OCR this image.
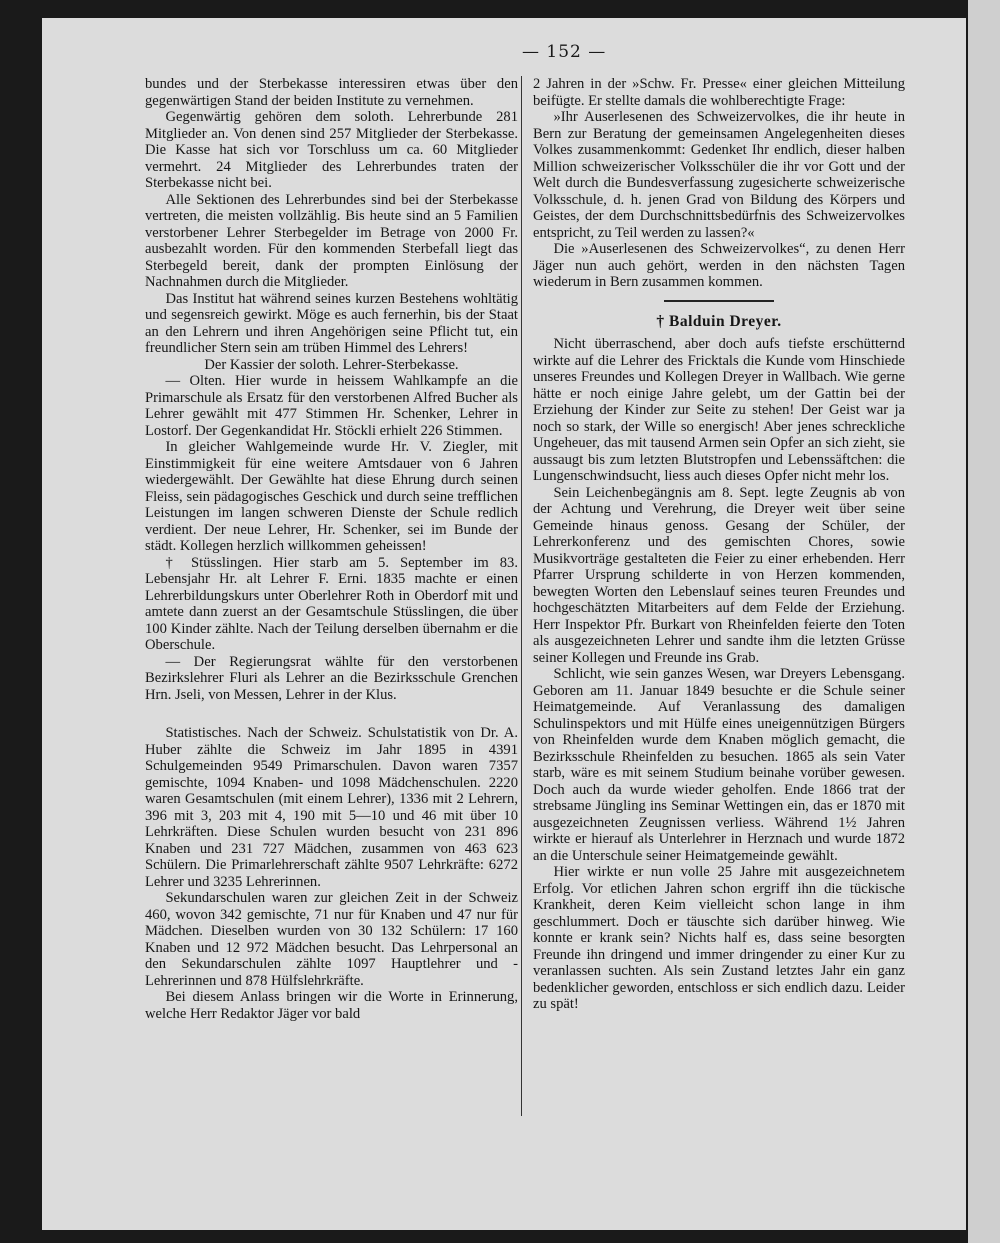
— 152 —

bundes und der Sterbekasse interessiren etwas über den gegenwärtigen Stand der beiden Institute zu vernehmen.

Gegenwärtig gehören dem soloth. Lehrerbunde 281 Mitglieder an. Von denen sind 257 Mitglieder der Sterbekasse. Die Kasse hat sich vor Torschluss um ca. 60 Mitglieder vermehrt. 24 Mitglieder des Lehrerbundes traten der Sterbekasse nicht bei.

Alle Sektionen des Lehrerbundes sind bei der Sterbekasse vertreten, die meisten vollzählig. Bis heute sind an 5 Familien verstorbener Lehrer Sterbegelder im Betrage von 2000 Fr. ausbezahlt worden. Für den kommenden Sterbefall liegt das Sterbegeld bereit, dank der prompten Einlösung der Nachnahmen durch die Mitglieder.

Das Institut hat während seines kurzen Bestehens wohltätig und segensreich gewirkt. Möge es auch fernerhin, bis der Staat an den Lehrern und ihren Angehörigen seine Pflicht tut, ein freundlicher Stern sein am trüben Himmel des Lehrers!

Der Kassier der soloth. Lehrer-Sterbekasse.

— Olten. Hier wurde in heissem Wahlkampfe an die Primarschule als Ersatz für den verstorbenen Alfred Bucher als Lehrer gewählt mit 477 Stimmen Hr. Schenker, Lehrer in Lostorf. Der Gegenkandidat Hr. Stöckli erhielt 226 Stimmen.

In gleicher Wahlgemeinde wurde Hr. V. Ziegler, mit Einstimmigkeit für eine weitere Amtsdauer von 6 Jahren wiedergewählt. Der Gewählte hat diese Ehrung durch seinen Fleiss, sein pädagogisches Geschick und durch seine trefflichen Leistungen im langen schweren Dienste der Schule redlich verdient. Der neue Lehrer, Hr. Schenker, sei im Bunde der städt. Kollegen herzlich willkommen geheissen!

† Stüsslingen. Hier starb am 5. September im 83. Lebensjahr Hr. alt Lehrer F. Erni. 1835 machte er einen Lehrerbildungskurs unter Oberlehrer Roth in Oberdorf mit und amtete dann zuerst an der Gesamtschule Stüsslingen, die über 100 Kinder zählte. Nach der Teilung derselben übernahm er die Oberschule.

— Der Regierungsrat wählte für den verstorbenen Bezirkslehrer Fluri als Lehrer an die Bezirksschule Grenchen Hrn. Jseli, von Messen, Lehrer in der Klus.

Statistisches. Nach der Schweiz. Schulstatistik von Dr. A. Huber zählte die Schweiz im Jahr 1895 in 4391 Schulgemeinden 9549 Primarschulen. Davon waren 7357 gemischte, 1094 Knaben- und 1098 Mädchenschulen. 2220 waren Gesamtschulen (mit einem Lehrer), 1336 mit 2 Lehrern, 396 mit 3, 203 mit 4, 190 mit 5—10 und 46 mit über 10 Lehrkräften. Diese Schulen wurden besucht von 231 896 Knaben und 231 727 Mädchen, zusammen von 463 623 Schülern. Die Primarlehrerschaft zählte 9507 Lehrkräfte: 6272 Lehrer und 3235 Lehrerinnen.

Sekundarschulen waren zur gleichen Zeit in der Schweiz 460, wovon 342 gemischte, 71 nur für Knaben und 47 nur für Mädchen. Dieselben wurden von 30 132 Schülern: 17 160 Knaben und 12 972 Mädchen besucht. Das Lehrpersonal an den Sekundarschulen zählte 1097 Hauptlehrer und -Lehrerinnen und 878 Hülfslehrkräfte.

Bei diesem Anlass bringen wir die Worte in Erinnerung, welche Herr Redaktor Jäger vor bald

2 Jahren in der »Schw. Fr. Presse« einer gleichen Mitteilung beifügte. Er stellte damals die wohlberechtigte Frage:

»Ihr Auserlesenen des Schweizervolkes, die ihr heute in Bern zur Beratung der gemeinsamen Angelegenheiten dieses Volkes zusammenkommt: Gedenket Ihr endlich, dieser halben Million schweizerischer Volksschüler die ihr vor Gott und der Welt durch die Bundesverfassung zugesicherte schweizerische Volksschule, d. h. jenen Grad von Bildung des Körpers und Geistes, der dem Durchschnittsbedürfnis des Schweizervolkes entspricht, zu Teil werden zu lassen?«

Die »Auserlesenen des Schweizervolkes“, zu denen Herr Jäger nun auch gehört, werden in den nächsten Tagen wiederum in Bern zusammen kommen.

† Balduin Dreyer.

Nicht überraschend, aber doch aufs tiefste erschütternd wirkte auf die Lehrer des Fricktals die Kunde vom Hinschiede unseres Freundes und Kollegen Dreyer in Wallbach. Wie gerne hätte er noch einige Jahre gelebt, um der Gattin bei der Erziehung der Kinder zur Seite zu stehen! Der Geist war ja noch so stark, der Wille so energisch! Aber jenes schreckliche Ungeheuer, das mit tausend Armen sein Opfer an sich zieht, sie aussaugt bis zum letzten Blutstropfen und Lebenssäftchen: die Lungenschwindsucht, liess auch dieses Opfer nicht mehr los.

Sein Leichenbegängnis am 8. Sept. legte Zeugnis ab von der Achtung und Verehrung, die Dreyer weit über seine Gemeinde hinaus genoss. Gesang der Schüler, der Lehrerkonferenz und des gemischten Chores, sowie Musikvorträge gestalteten die Feier zu einer erhebenden. Herr Pfarrer Ursprung schilderte in von Herzen kommenden, bewegten Worten den Lebenslauf seines teuren Freundes und hochgeschätzten Mitarbeiters auf dem Felde der Erziehung. Herr Inspektor Pfr. Burkart von Rheinfelden feierte den Toten als ausgezeichneten Lehrer und sandte ihm die letzten Grüsse seiner Kollegen und Freunde ins Grab.

Schlicht, wie sein ganzes Wesen, war Dreyers Lebensgang. Geboren am 11. Januar 1849 besuchte er die Schule seiner Heimatgemeinde. Auf Veranlassung des damaligen Schulinspektors und mit Hülfe eines uneigennützigen Bürgers von Rheinfelden wurde dem Knaben möglich gemacht, die Bezirksschule Rheinfelden zu besuchen. 1865 als sein Vater starb, wäre es mit seinem Studium beinahe vorüber gewesen. Doch auch da wurde wieder geholfen. Ende 1866 trat der strebsame Jüngling ins Seminar Wettingen ein, das er 1870 mit ausgezeichneten Zeugnissen verliess. Während 1½ Jahren wirkte er hierauf als Unterlehrer in Herznach und wurde 1872 an die Unterschule seiner Heimatgemeinde gewählt.

Hier wirkte er nun volle 25 Jahre mit ausgezeichnetem Erfolg. Vor etlichen Jahren schon ergriff ihn die tückische Krankheit, deren Keim vielleicht schon lange in ihm geschlummert. Doch er täuschte sich darüber hinweg. Wie konnte er krank sein? Nichts half es, dass seine besorgten Freunde ihn dringend und immer dringender zu einer Kur zu veranlassen suchten. Als sein Zustand letztes Jahr ein ganz bedenklicher geworden, entschloss er sich endlich dazu. Leider zu spät!
